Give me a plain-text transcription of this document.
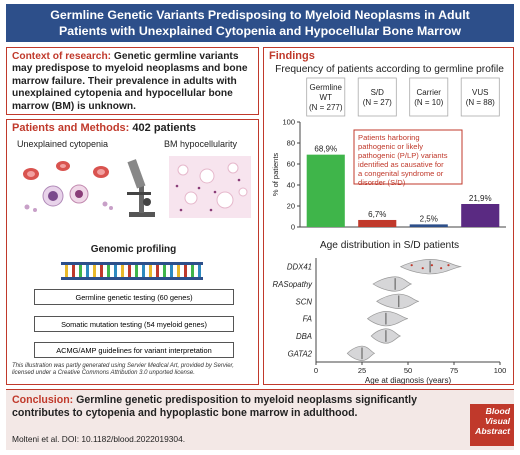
Germline Genetic Variants Predisposing to Myeloid Neoplasms in Adult
Patients with Unexplained Cytopenia and Hypocellular Bone Marrow
Context of research: Genetic germline variants may predispose to myeloid neoplasms and bone marrow failure. Their prevalence in adults with unexplained cytopenia and hypocellular bone marrow (BM) is unknown.
Patients and Methods: 402 patients
Unexplained cytopenia	BM hypocellularity
Genomic profiling
Germline genetic testing (60 genes)
Somatic mutation testing (54 myeloid genes)
ACMG/AMP guidelines for variant interpretation
This illustration was partly generated using Servier Medical Art, provided by Servier, licensed under a Creative Commons Attribution 3.0 unported license.
Findings
Frequency of patients according to germline profile
0
20
40
60
80
100
% of patients
Germline
WT
(N = 277)
68,9%
S/D
(N = 27)
6,7%
Carrier
(N = 10)
2,5%
VUS
(N = 88)
21,9%
Patients harboring pathogenic or likely pathogenic (P/LP) variants identified as causative for a congenital syndrome or disorder (S/D)
Age distribution in S/D patients
0	25	50	75	100
Age at diagnosis (years)
DDX41
RASopathy
SCN
FA
DBA
GATA2
Conclusion: Germline genetic predisposition to myeloid neoplasms significantly contributes to cytopenia and hypoplastic bone marrow in adulthood.
Molteni et al. DOI: 10.1182/blood.2022019304.
Blood
Visual
Abstract
